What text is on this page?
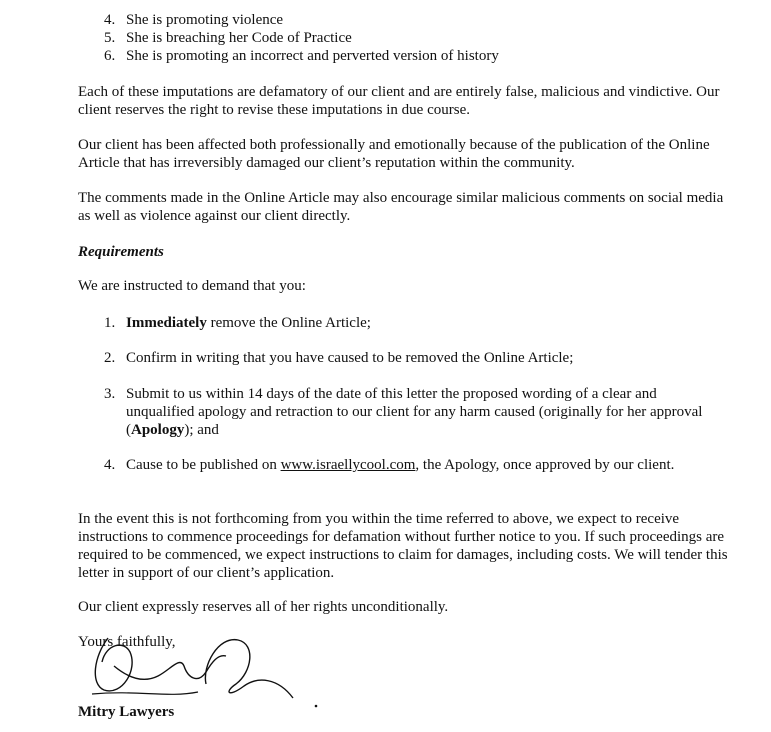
4. She is promoting violence
5. She is breaching her Code of Practice
6. She is promoting an incorrect and perverted version of history

Each of these imputations are defamatory of our client and are entirely false, malicious and vindictive. Our client reserves the right to revise these imputations in due course.

Our client has been affected both professionally and emotionally because of the publication of the Online Article that has irreversibly damaged our client’s reputation within the community.

The comments made in the Online Article may also encourage similar malicious comments on social media as well as violence against our client directly.

Requirements

We are instructed to demand that you:

1. Immediately remove the Online Article;
2. Confirm in writing that you have caused to be removed the Online Article;
3. Submit to us within 14 days of the date of this letter the proposed wording of a clear and unqualified apology and retraction to our client for any harm caused (originally for her approval (Apology); and
4. Cause to be published on www.israellycool.com, the Apology, once approved by our client.

In the event this is not forthcoming from you within the time referred to above, we expect to receive instructions to commence proceedings for defamation without further notice to you. If such proceedings are required to be commenced, we expect instructions to claim for damages, including costs. We will tender this letter in support of our client’s application.

Our client expressly reserves all of her rights unconditionally.

Yours faithfully,

Mitry Lawyers
